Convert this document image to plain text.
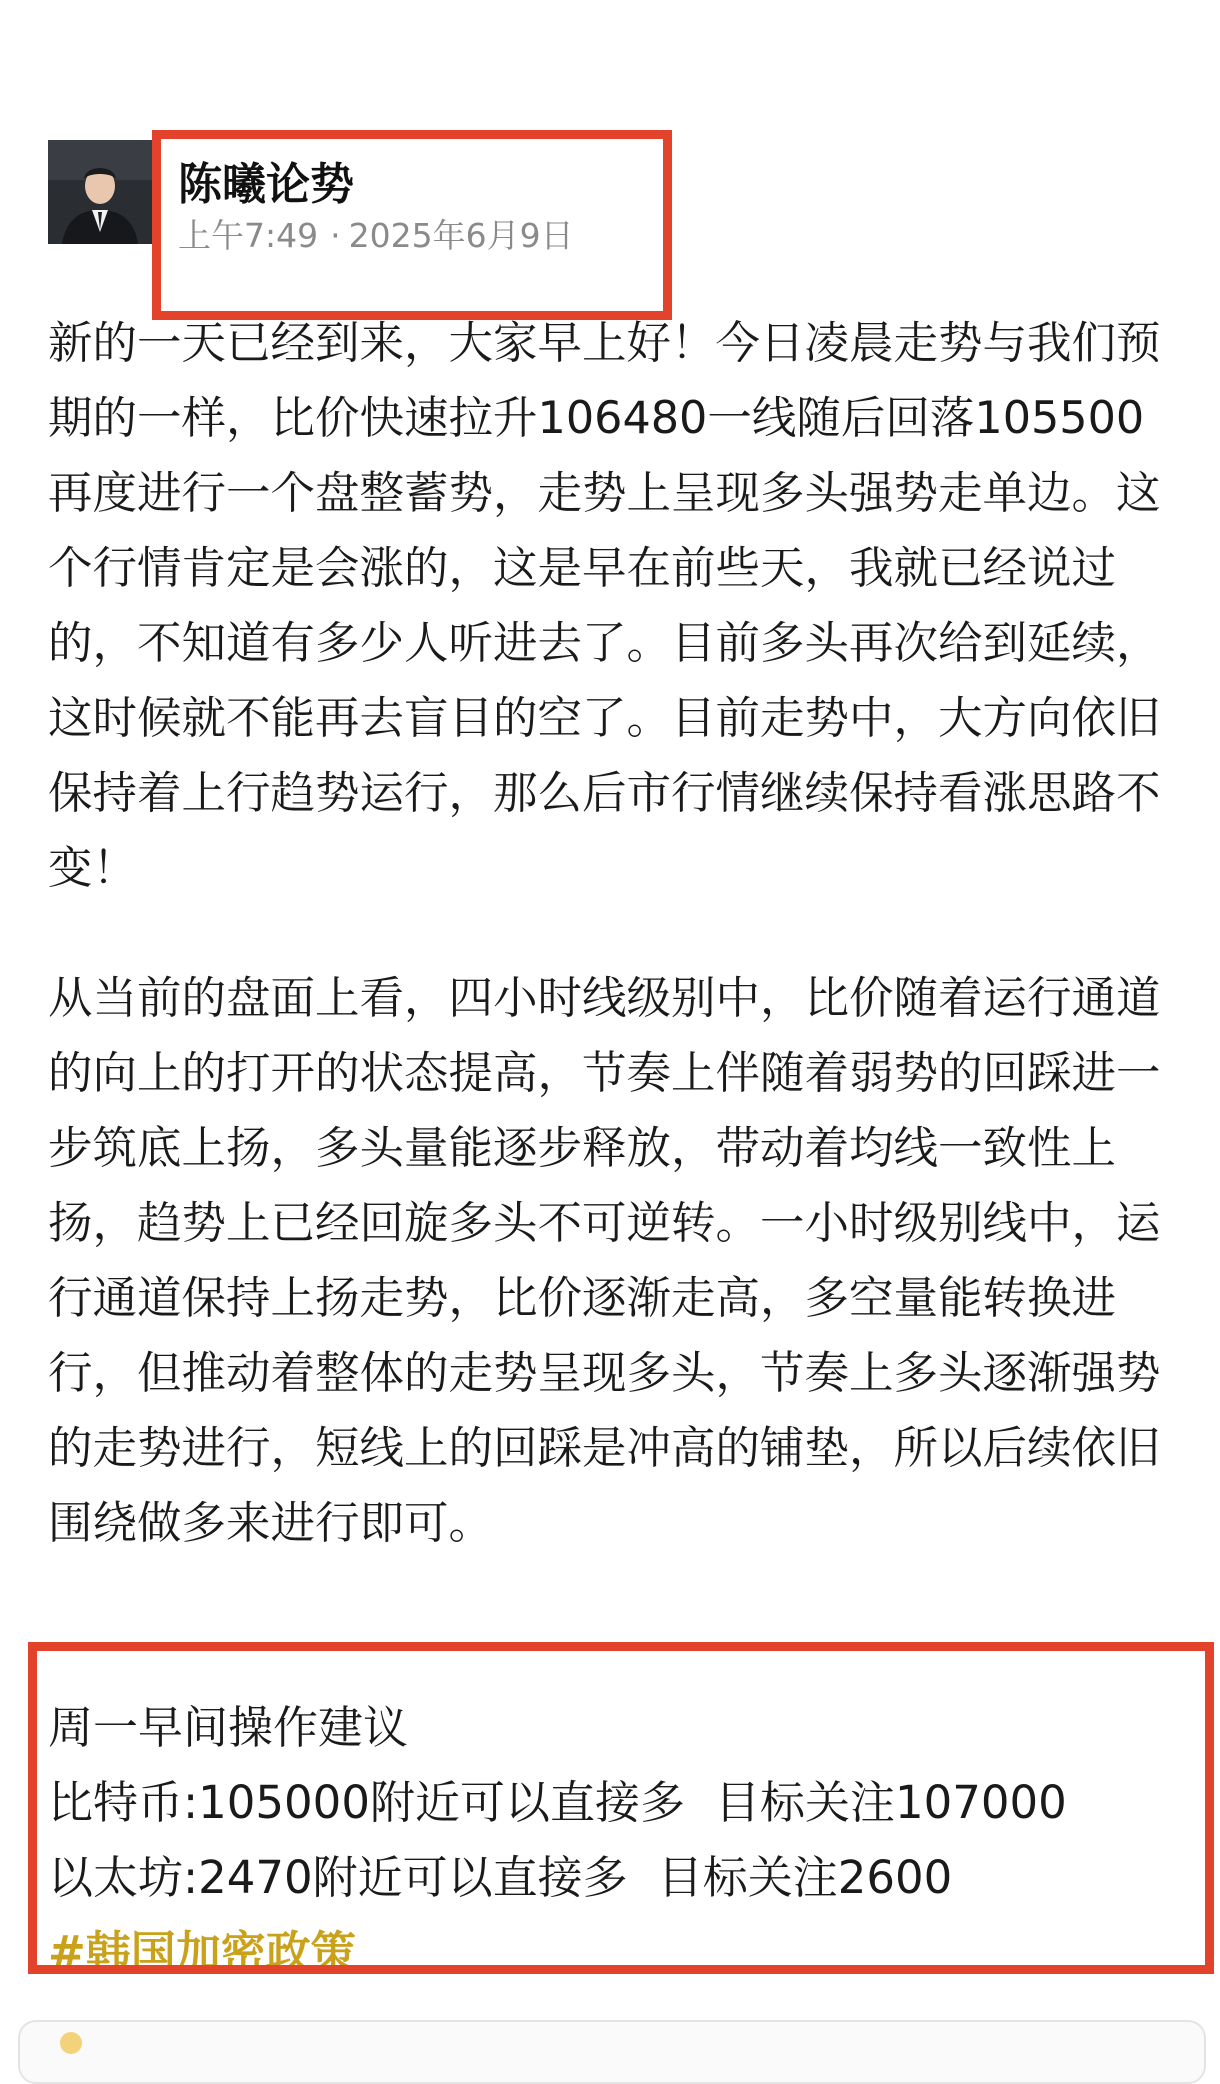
陈曦论势
上午7:49 · 2025年6月9日

新的一天已经到来，大家早上好！今日凌晨走势与我们预期的一样，比价快速拉升106480一线随后回落105500再度进行一个盘整蓄势，走势上呈现多头强势走单边。这个行情肯定是会涨的，这是早在前些天，我就已经说过的，不知道有多少人听进去了。目前多头再次给到延续，这时候就不能再去盲目的空了。目前走势中，大方向依旧保持着上行趋势运行，那么后市行情继续保持看涨思路不变！

从当前的盘面上看，四小时线级别中，比价随着运行通道的向上的打开的状态提高，节奏上伴随着弱势的回踩进一步筑底上扬，多头量能逐步释放，带动着均线一致性上扬，趋势上已经回旋多头不可逆转。一小时级别线中，运行通道保持上扬走势，比价逐渐走高，多空量能转换进行，但推动着整体的走势呈现多头，节奏上多头逐渐强势的走势进行，短线上的回踩是冲高的铺垫，所以后续依旧围绕做多来进行即可。

周一早间操作建议
比特币:105000附近可以直接多 目标关注107000
以太坊:2470附近可以直接多 目标关注2600
#韩国加密政策
